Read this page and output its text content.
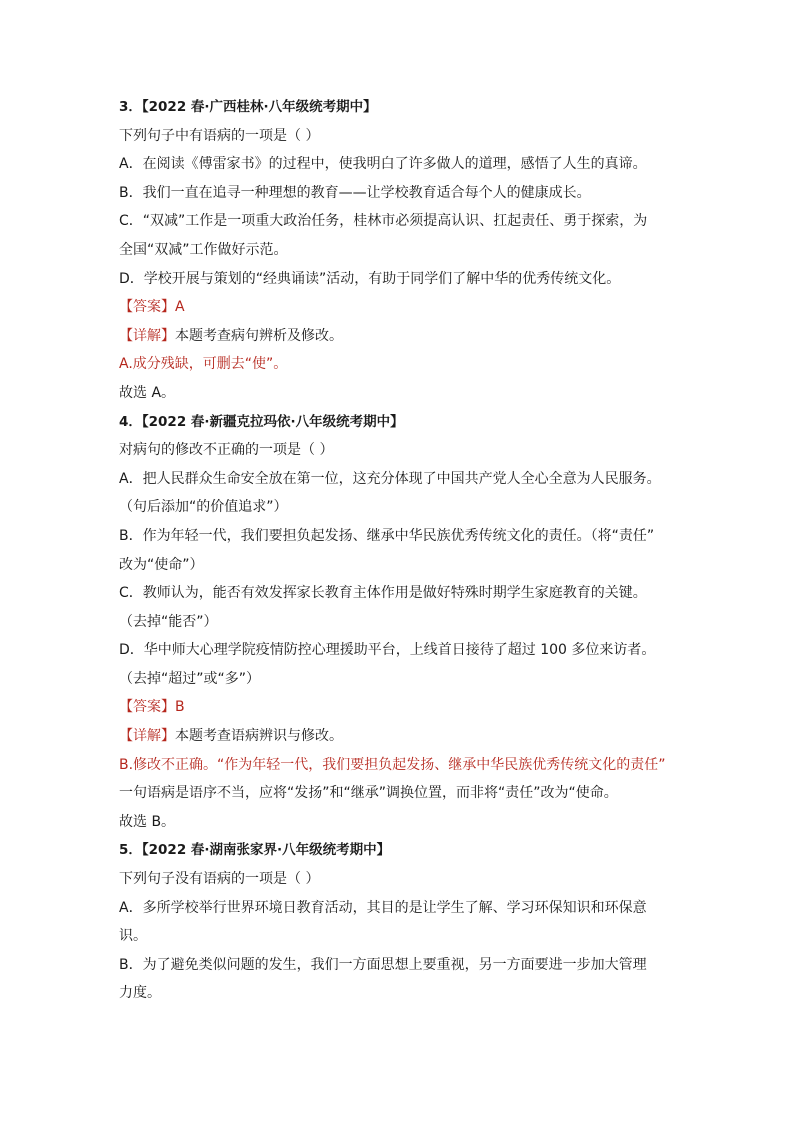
3．【2022 春·广西桂林·八年级统考期中】
下列句子中有语病的一项是（ ）
A．在阅读《傅雷家书》的过程中，使我明白了许多做人的道理，感悟了人生的真谛。
B．我们一直在追寻一种理想的教育——让学校教育适合每个人的健康成长。
C．“双减”工作是一项重大政治任务，桂林市必须提高认识、扛起责任、勇于探索，为
全国“双减”工作做好示范。
D．学校开展与策划的“经典诵读”活动，有助于同学们了解中华的优秀传统文化。
【答案】A
【详解】本题考查病句辨析及修改。
A.成分残缺，可删去“使”。
故选 A。
4．【2022 春·新疆克拉玛依·八年级统考期中】
对病句的修改不正确的一项是（ ）
A．把人民群众生命安全放在第一位，这充分体现了中国共产党人全心全意为人民服务。
（句后添加“的价值追求”）
B．作为年轻一代，我们要担负起发扬、继承中华民族优秀传统文化的责任。（将“责任”
改为“使命”）
C．教师认为，能否有效发挥家长教育主体作用是做好特殊时期学生家庭教育的关键。
（去掉“能否”）
D．华中师大心理学院疫情防控心理援助平台，上线首日接待了超过 100 多位来访者。
（去掉“超过”或“多”）
【答案】B
【详解】本题考查语病辨识与修改。
B.修改不正确。“作为年轻一代，我们要担负起发扬、继承中华民族优秀传统文化的责任”
一句语病是语序不当，应将“发扬”和“继承”调换位置，而非将“责任”改为“使命。
故选 B。
5．【2022 春·湖南张家界·八年级统考期中】
下列句子没有语病的一项是（ ）
A．多所学校举行世界环境日教育活动，其目的是让学生了解、学习环保知识和环保意
识。
B．为了避免类似问题的发生，我们一方面思想上要重视，另一方面要进一步加大管理
力度。
